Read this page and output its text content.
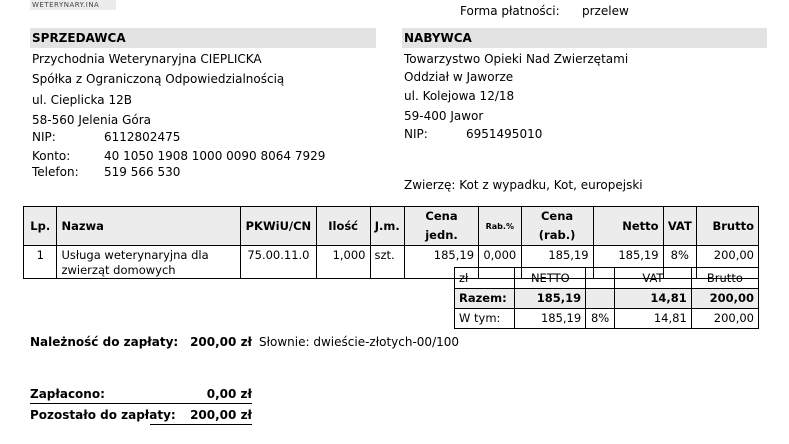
WETERYNARY.INA	Forma płatności: przelew
SPRZEDAWCA
Przychodnia Weterynaryjna CIEPLICKA
Spółka z Ograniczoną Odpowiedzialnością
ul. Cieplicka 12B
58-560 Jelenia Góra
NIP:	6112802475
Konto:	40 1050 1908 1000 0090 8064 7929
Telefon: 519 566 530
NABYWCA
Towarzystwo Opieki Nad Zwierzętami
Oddział w Jaworze
ul. Kolejowa 12/18
59-400 Jawor
NIP:	6951495010
Zwierzę: Kot z wypadku, Kot, europejski
Lp.	Nazwa	PKWiU/CN	Ilość	J.m.	Cena jedn.	Rab.%	Cena (rab.)	Netto	VAT	Brutto
1	Usługa weterynaryjna dla
zwierząt domowych	75.00.11.0	1,000	szt.	185,19	0,000	185,19	185,19	8%	200,00
zł	NETTO		VAT	Brutto
Razem:	185,19		14,81	200,00
W tym:	185,19	8%	14,81	200,00
Należność do zapłaty: 200,00 zł Słownie: dwieście-złotych-00/100
Zapłacono:	0,00 zł
Pozostało do zapłaty:	200,00 zł
